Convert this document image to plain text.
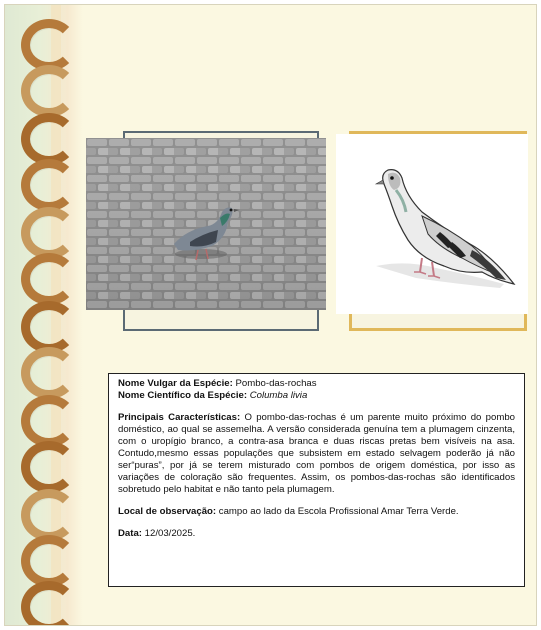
Nome Vulgar da Espécie: Pombo-das-rochas

Nome Científico da Espécie: Columba livia

Principais Características: O pombo-das-rochas é um parente muito próximo do pombo doméstico, ao qual se assemelha. A versão considerada genuína tem a plumagem cinzenta, com o uropígio branco, a contra-asa branca e duas riscas pretas bem visíveis na asa. Contudo,mesmo essas populações que subsistem em estado selvagem poderão já não ser“puras”, por já se terem misturado com pombos de origem doméstica, por isso as variações de coloração são frequentes. Assim, os pombos-das-rochas são identificados sobretudo pelo habitat e não tanto pela plumagem.

Local de observação: campo ao lado da Escola Profissional Amar Terra Verde.

Data: 12/03/2025.
